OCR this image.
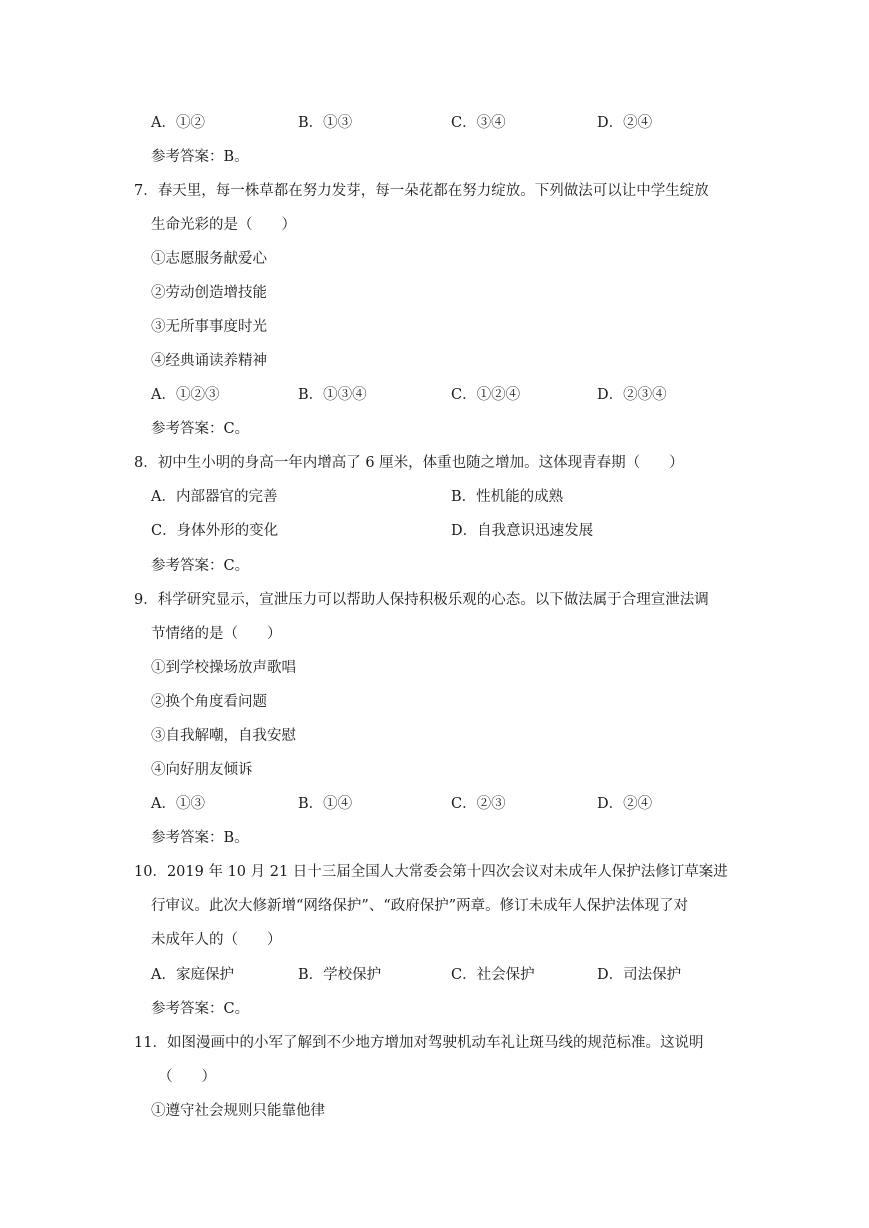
A．①②	B．①③	C．③④	D．②④
参考答案：B。
7．春天里，每一株草都在努力发芽，每一朵花都在努力绽放。下列做法可以让中学生绽放
生命光彩的是（　　）
①志愿服务献爱心
②劳动创造增技能
③无所事事度时光
④经典诵读养精神
A．①②③	B．①③④	C．①②④	D．②③④
参考答案：C。
8．初中生小明的身高一年内增高了 6 厘米，体重也随之增加。这体现青春期（　　）
A．内部器官的完善	B．性机能的成熟
C．身体外形的变化	D．自我意识迅速发展
参考答案：C。
9．科学研究显示，宣泄压力可以帮助人保持积极乐观的心态。以下做法属于合理宣泄法调
节情绪的是（　　）
①到学校操场放声歌唱
②换个角度看问题
③自我解嘲，自我安慰
④向好朋友倾诉
A．①③	B．①④	C．②③	D．②④
参考答案：B。
10．2019 年 10 月 21 日十三届全国人大常委会第十四次会议对未成年人保护法修订草案进
行审议。此次大修新增“网络保护”、“政府保护”两章。修订未成年人保护法体现了对
未成年人的（　　）
A．家庭保护	B．学校保护	C．社会保护	D．司法保护
参考答案：C。
11．如图漫画中的小军了解到不少地方增加对驾驶机动车礼让斑马线的规范标准。这说明
（　　）
①遵守社会规则只能靠他律
